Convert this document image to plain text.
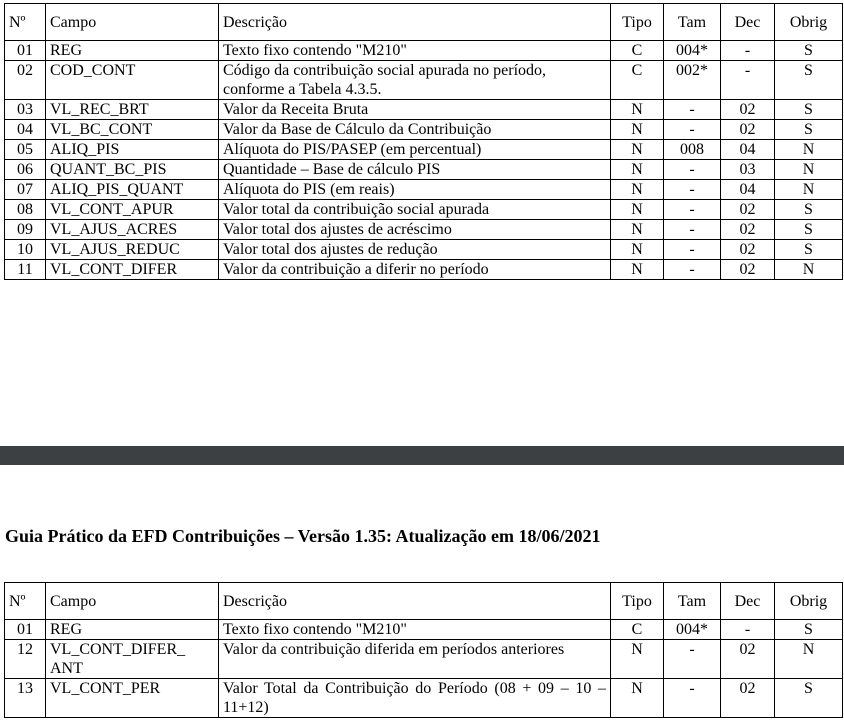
Nº	Campo	Descrição	Tipo	Tam	Dec	Obrig
01	REG	Texto fixo contendo "M210"	C	004*	-	S
02	COD_CONT	Código da contribuição social apurada no período, conforme a Tabela 4.3.5.	C	002*	-	S
03	VL_REC_BRT	Valor da Receita Bruta	N	-	02	S
04	VL_BC_CONT	Valor da Base de Cálculo da Contribuição	N	-	02	S
05	ALIQ_PIS	Alíquota do PIS/PASEP (em percentual)	N	008	04	N
06	QUANT_BC_PIS	Quantidade – Base de cálculo PIS	N	-	03	N
07	ALIQ_PIS_QUANT	Alíquota do PIS (em reais)	N	-	04	N
08	VL_CONT_APUR	Valor total da contribuição social apurada	N	-	02	S
09	VL_AJUS_ACRES	Valor total dos ajustes de acréscimo	N	-	02	S
10	VL_AJUS_REDUC	Valor total dos ajustes de redução	N	-	02	S
11	VL_CONT_DIFER	Valor da contribuição a diferir no período	N	-	02	N
Guia Prático da EFD Contribuições – Versão 1.35: Atualização em 18/06/2021
Nº	Campo	Descrição	Tipo	Tam	Dec	Obrig
01	REG	Texto fixo contendo "M210"	C	004*	-	S
12	VL_CONT_DIFER_ ANT	Valor da contribuição diferida em períodos anteriores	N	-	02	N
13	VL_CONT_PER	Valor Total da Contribuição do Período (08 + 09 – 10 – 11+12)	N	-	02	S
